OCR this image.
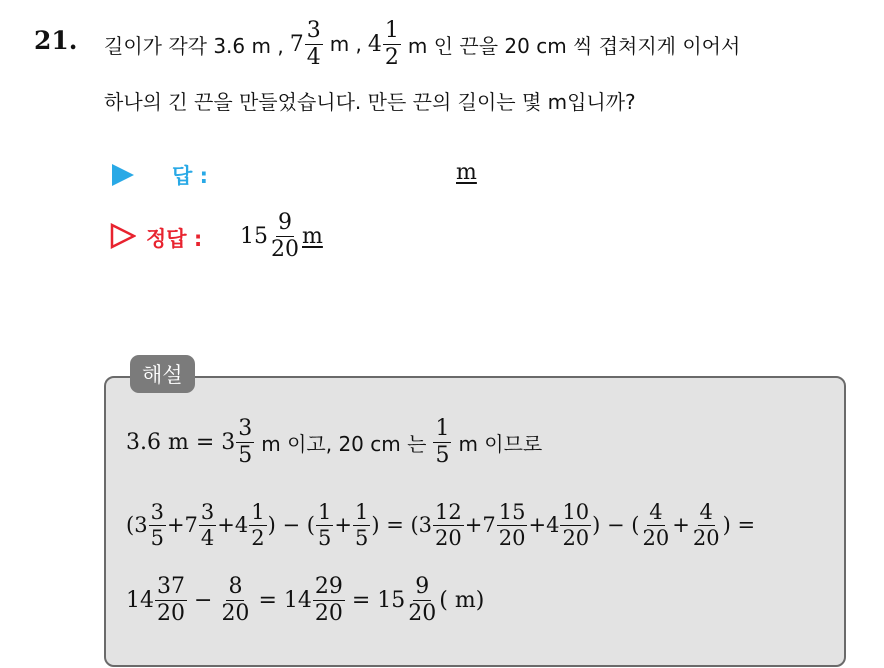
21. 길이가 각각 3.6 m , $7 \frac{3}{4}$ m , $4 \frac{1}{2}$ m 인 끈을 20 cm 씩 겹쳐지게 이어서
하나의 긴 끈을 만들었습니다. 만든 끈의 길이는 몇 m입니까?
답 :	m
정답 : $15 \frac{9}{20}$ m
해설
3.6 $m = 3 \frac{3}{5}$ m 이고, 20 cm 는 $\frac{1}{5}$ m 이므로
($3 \frac{3}{5} +7 \frac{3}{4} +4 \frac{1}{2}$ ) − ( $\frac{1}{5} + \frac{1}{5}$ ) = ($3 \frac{12}{20} +7 \frac{15}{20} +4 \frac{10}{20}$ ) − ( $\frac{4}{20} + \frac{4}{20}$ ) =
$14 \frac{37}{20} - \frac{8}{20} = 14 \frac{29}{20} = 15 \frac{9}{20}$ ( m)
